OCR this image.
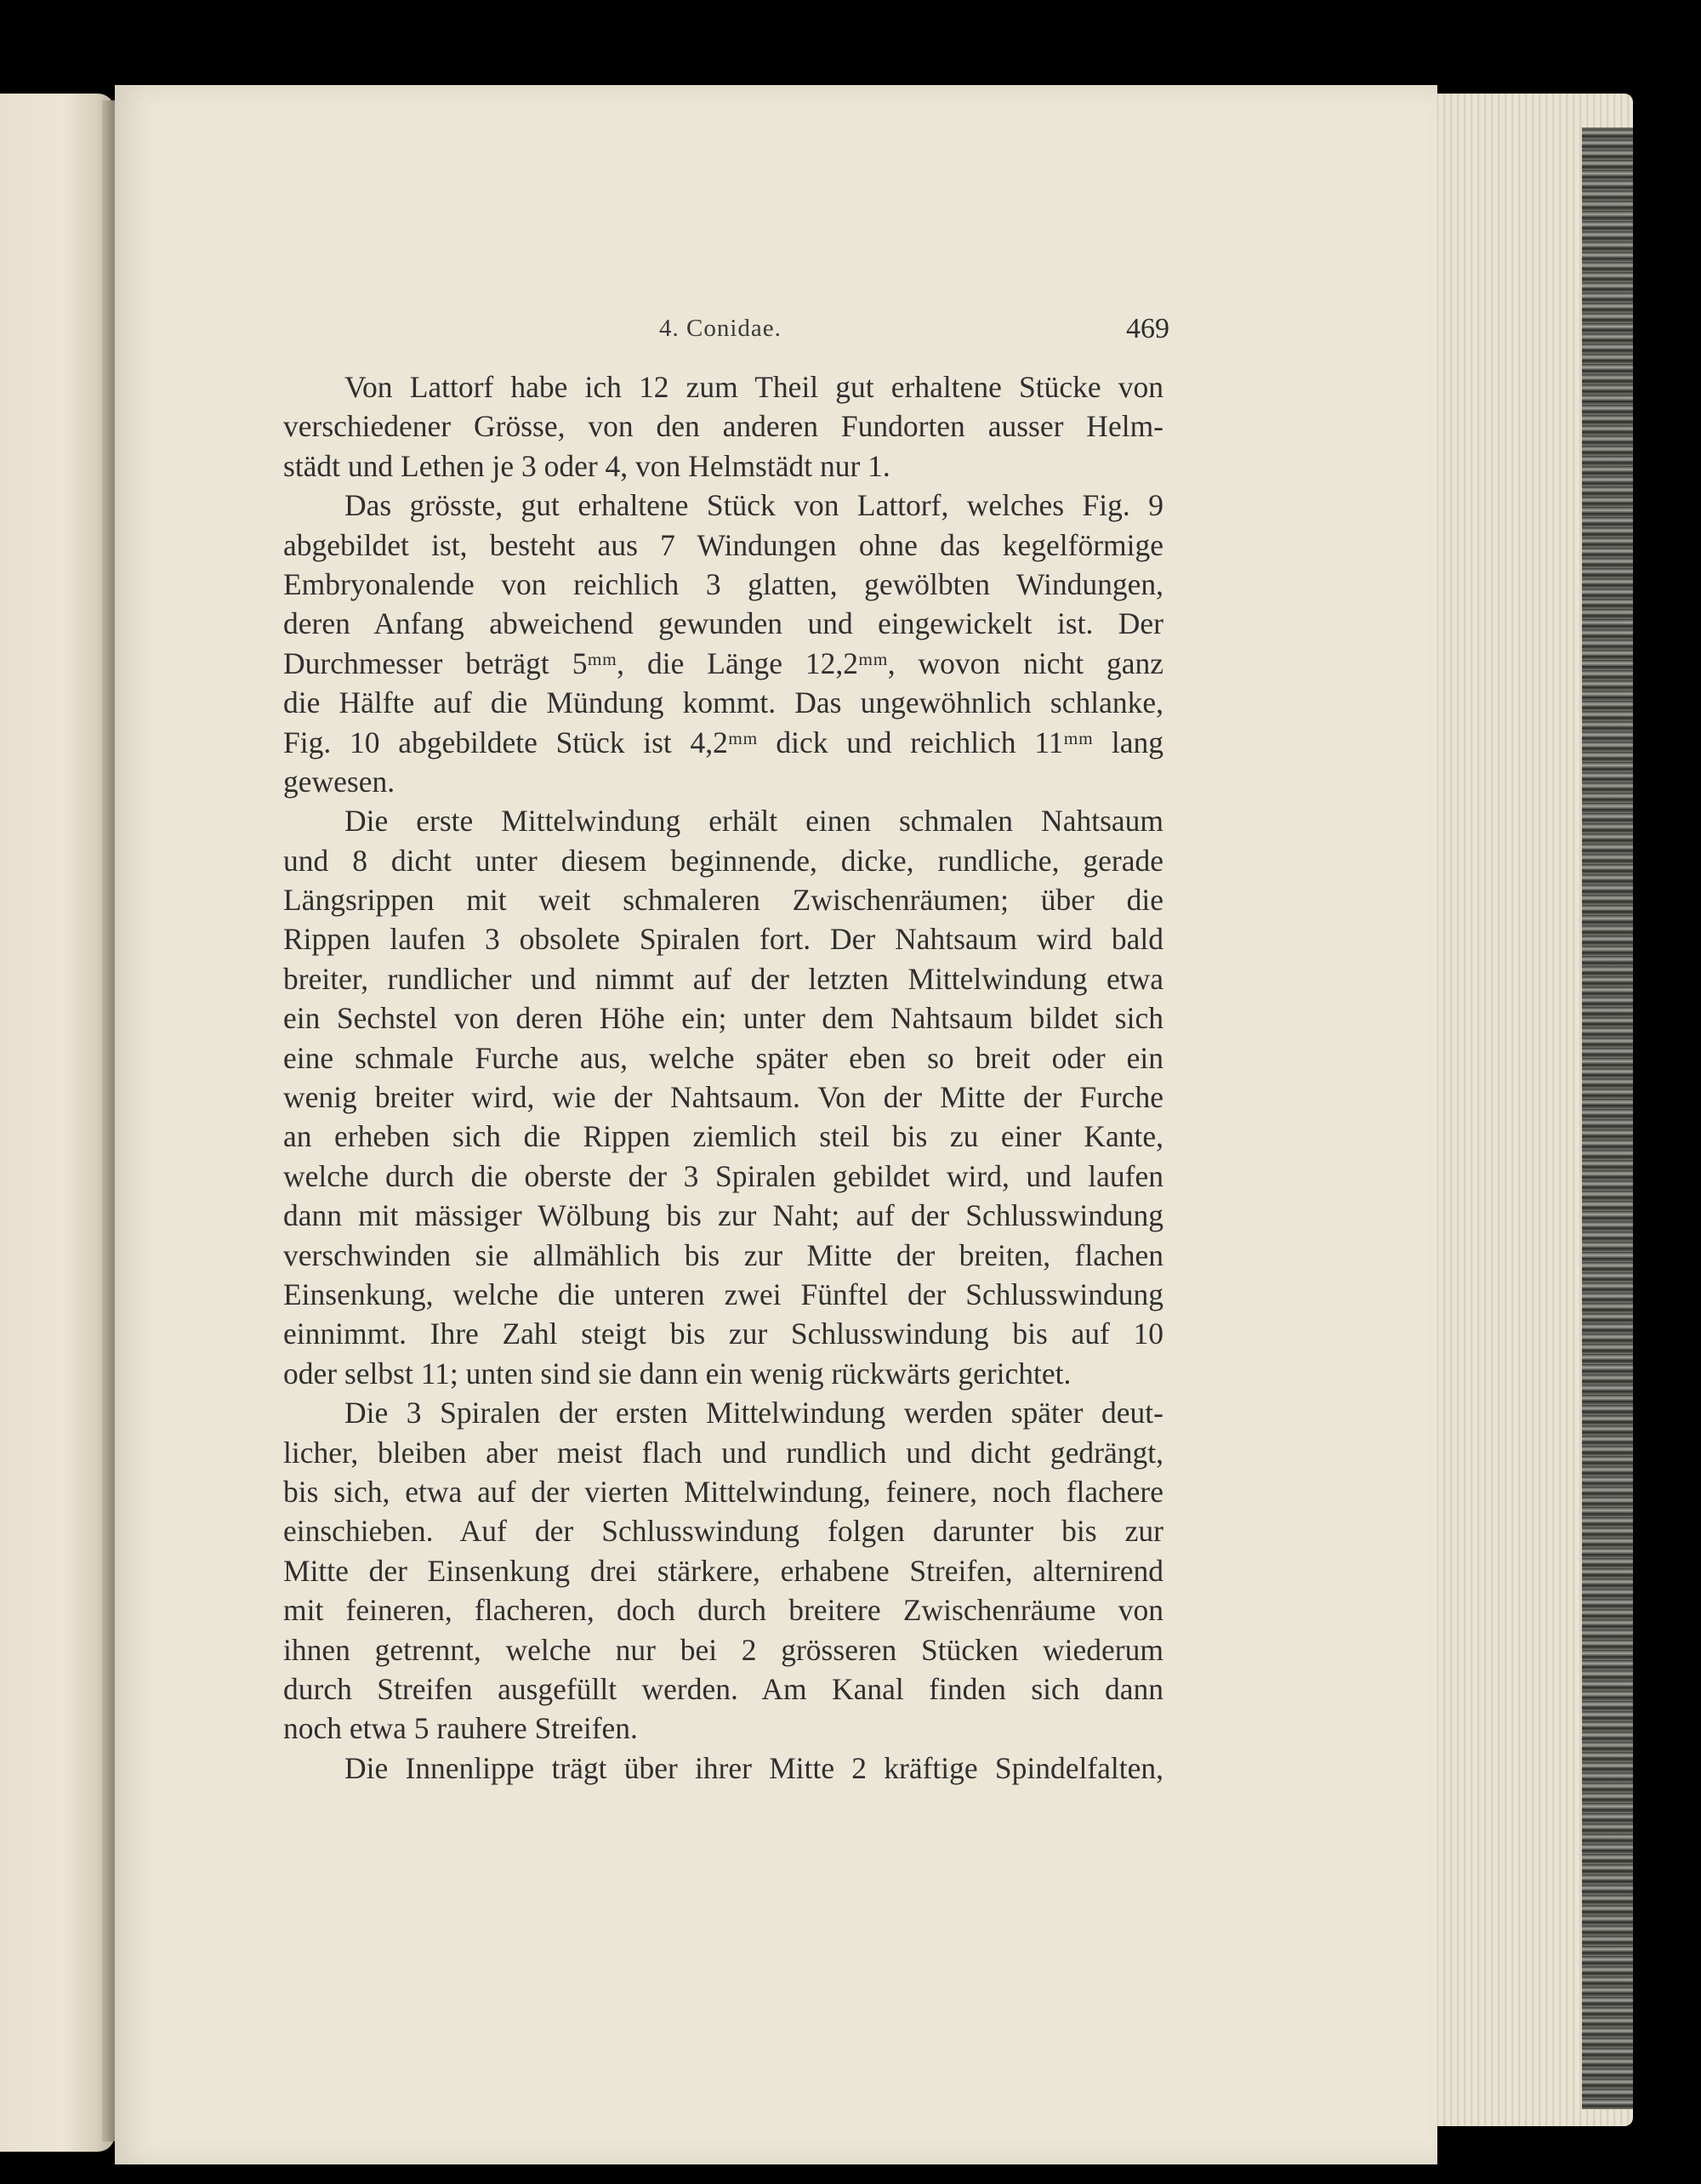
4. Conidae.	469
Von Lattorf habe ich 12 zum Theil gut erhaltene Stücke von
verschiedener Grösse, von den anderen Fundorten ausser Helm-
städt und Lethen je 3 oder 4, von Helmstädt nur 1.
Das grösste, gut erhaltene Stück von Lattorf, welches Fig. 9
abgebildet ist, besteht aus 7 Windungen ohne das kegelförmige
Embryonalende von reichlich 3 glatten, gewölbten Windungen,
deren Anfang abweichend gewunden und eingewickelt ist. Der
Durchmesser beträgt 5ᵐᵐ, die Länge 12,2ᵐᵐ, wovon nicht ganz
die Hälfte auf die Mündung kommt. Das ungewöhnlich schlanke,
Fig. 10 abgebildete Stück ist 4,2ᵐᵐ dick und reichlich 11ᵐᵐ lang
gewesen.
Die erste Mittelwindung erhält einen schmalen Nahtsaum
und 8 dicht unter diesem beginnende, dicke, rundliche, gerade
Längsrippen mit weit schmaleren Zwischenräumen; über die
Rippen laufen 3 obsolete Spiralen fort. Der Nahtsaum wird bald
breiter, rundlicher und nimmt auf der letzten Mittelwindung etwa
ein Sechstel von deren Höhe ein; unter dem Nahtsaum bildet sich
eine schmale Furche aus, welche später eben so breit oder ein
wenig breiter wird, wie der Nahtsaum. Von der Mitte der Furche
an erheben sich die Rippen ziemlich steil bis zu einer Kante,
welche durch die oberste der 3 Spiralen gebildet wird, und laufen
dann mit mässiger Wölbung bis zur Naht; auf der Schlusswindung
verschwinden sie allmählich bis zur Mitte der breiten, flachen
Einsenkung, welche die unteren zwei Fünftel der Schlusswindung
einnimmt. Ihre Zahl steigt bis zur Schlusswindung bis auf 10
oder selbst 11; unten sind sie dann ein wenig rückwärts gerichtet.
Die 3 Spiralen der ersten Mittelwindung werden später deut-
licher, bleiben aber meist flach und rundlich und dicht gedrängt,
bis sich, etwa auf der vierten Mittelwindung, feinere, noch flachere
einschieben. Auf der Schlusswindung folgen darunter bis zur
Mitte der Einsenkung drei stärkere, erhabene Streifen, alternirend
mit feineren, flacheren, doch durch breitere Zwischenräume von
ihnen getrennt, welche nur bei 2 grösseren Stücken wiederum
durch Streifen ausgefüllt werden. Am Kanal finden sich dann
noch etwa 5 rauhere Streifen.
Die Innenlippe trägt über ihrer Mitte 2 kräftige Spindelfalten,
